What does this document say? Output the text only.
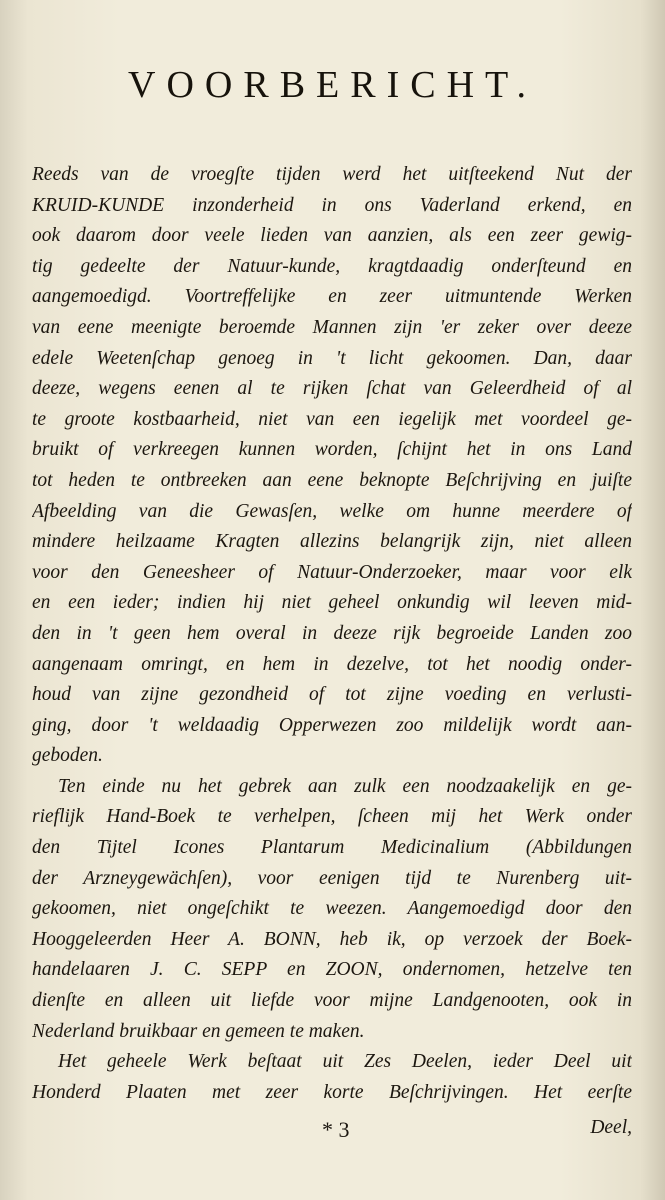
VOORBERICHT.
Reeds van de vroegſte tijden werd het uitſteekend Nut der
KRUID-KUNDE inzonderheid in ons Vaderland erkend, en
ook daarom door veele lieden van aanzien, als een zeer gewig-
tig gedeelte der Natuur-kunde, kragtdaadig onderſteund en
aangemoedigd. Voortreffelijke en zeer uitmuntende Werken
van eene meenigte beroemde Mannen zijn 'er zeker over deeze
edele Weetenſchap genoeg in 't licht gekoomen. Dan, daar
deeze, wegens eenen al te rijken ſchat van Geleerdheid of al
te groote kostbaarheid, niet van een iegelijk met voordeel ge-
bruikt of verkreegen kunnen worden, ſchijnt het in ons Land
tot heden te ontbreeken aan eene beknopte Beſchrijving en juiſte
Afbeelding van die Gewasſen, welke om hunne meerdere of
mindere heilzaame Kragten allezins belangrijk zijn, niet alleen
voor den Geneesheer of Natuur-Onderzoeker, maar voor elk
en een ieder; indien hij niet geheel onkundig wil leeven mid-
den in 't geen hem overal in deeze rijk begroeide Landen zoo
aangenaam omringt, en hem in dezelve, tot het noodig onder-
houd van zijne gezondheid of tot zijne voeding en verlusti-
ging, door 't weldaadig Opperwezen zoo mildelijk wordt aan-
geboden.
Ten einde nu het gebrek aan zulk een noodzaakelijk en ge-
rieflijk Hand-Boek te verhelpen, ſcheen mij het Werk onder
den Tijtel Icones Plantarum Medicinalium (Abbildungen
der Arzneygewächſen), voor eenigen tijd te Nurenberg uit-
gekoomen, niet ongeſchikt te weezen. Aangemoedigd door den
Hooggeleerden Heer A. BONN, heb ik, op verzoek der Boek-
handelaaren J. C. SEPP en ZOON, ondernomen, hetzelve ten
dienſte en alleen uit liefde voor mijne Landgenooten, ook in
Nederland bruikbaar en gemeen te maken.
Het geheele Werk beſtaat uit Zes Deelen, ieder Deel uit
Honderd Plaaten met zeer korte Beſchrijvingen. Het eerſte
* 3	Deel,
